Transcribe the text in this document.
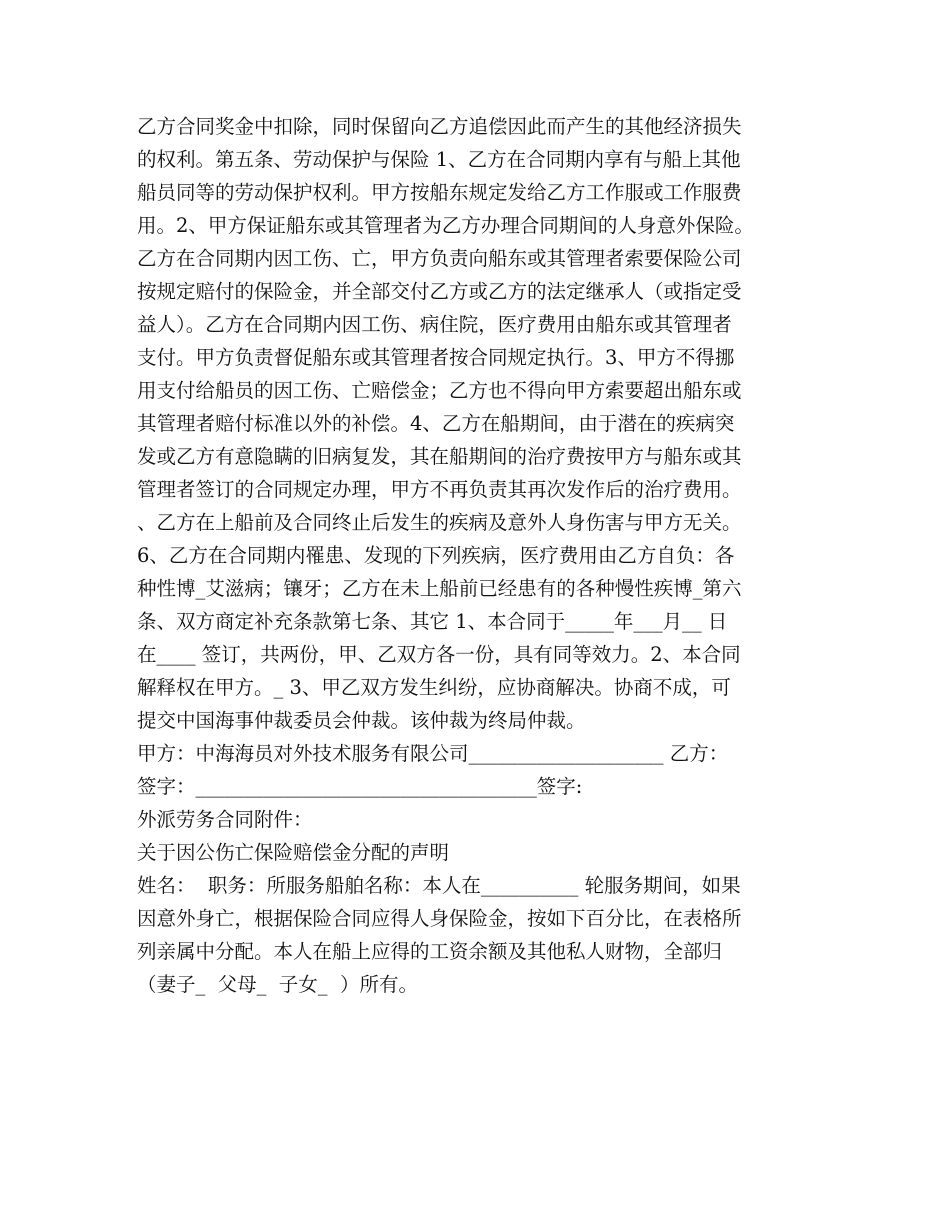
乙方合同奖金中扣除，同时保留向乙方追偿因此而产生的其他经济损失
的权利。第五条、劳动保护与保险 1、乙方在合同期内享有与船上其他
船员同等的劳动保护权利。甲方按船东规定发给乙方工作服或工作服费
用。2、甲方保证船东或其管理者为乙方办理合同期间的人身意外保险。
乙方在合同期内因工伤、亡，甲方负责向船东或其管理者索要保险公司
按规定赔付的保险金，并全部交付乙方或乙方的法定继承人（或指定受
益人）。乙方在合同期内因工伤、病住院，医疗费用由船东或其管理者
支付。甲方负责督促船东或其管理者按合同规定执行。3、甲方不得挪
用支付给船员的因工伤、亡赔偿金；乙方也不得向甲方索要超出船东或
其管理者赔付标准以外的补偿。4、乙方在船期间，由于潜在的疾病突
发或乙方有意隐瞒的旧病复发，其在船期间的治疗费按甲方与船东或其
管理者签订的合同规定办理，甲方不再负责其再次发作后的治疗费用。
、乙方在上船前及合同终止后发生的疾病及意外人身伤害与甲方无关。
6、乙方在合同期内罹患、发现的下列疾病，医疗费用由乙方自负：各
种性博_艾滋病；镶牙；乙方在未上船前已经患有的各种慢性疾博_第六
条、双方商定补充条款第七条、其它 1、本合同于_____年___月__ 日
在____ 签订，共两份，甲、乙双方各一份，具有同等效力。2、本合同
解释权在甲方。_ 3、甲乙双方发生纠纷，应协商解决。协商不成，可
提交中国海事仲裁委员会仲裁。该仲裁为终局仲裁。
甲方：中海海员对外技术服务有限公司____________________ 乙方：
签字：___________________________________签字:
外派劳务合同附件：
关于因公伤亡保险赔偿金分配的声明
姓名：  职务：所服务船舶名称：本人在__________ 轮服务期间，如果
因意外身亡，根据保险合同应得人身保险金，按如下百分比，在表格所
列亲属中分配。本人在船上应得的工资余额及其他私人财物，全部归
（妻子_  父母_  子女_  ）所有。
